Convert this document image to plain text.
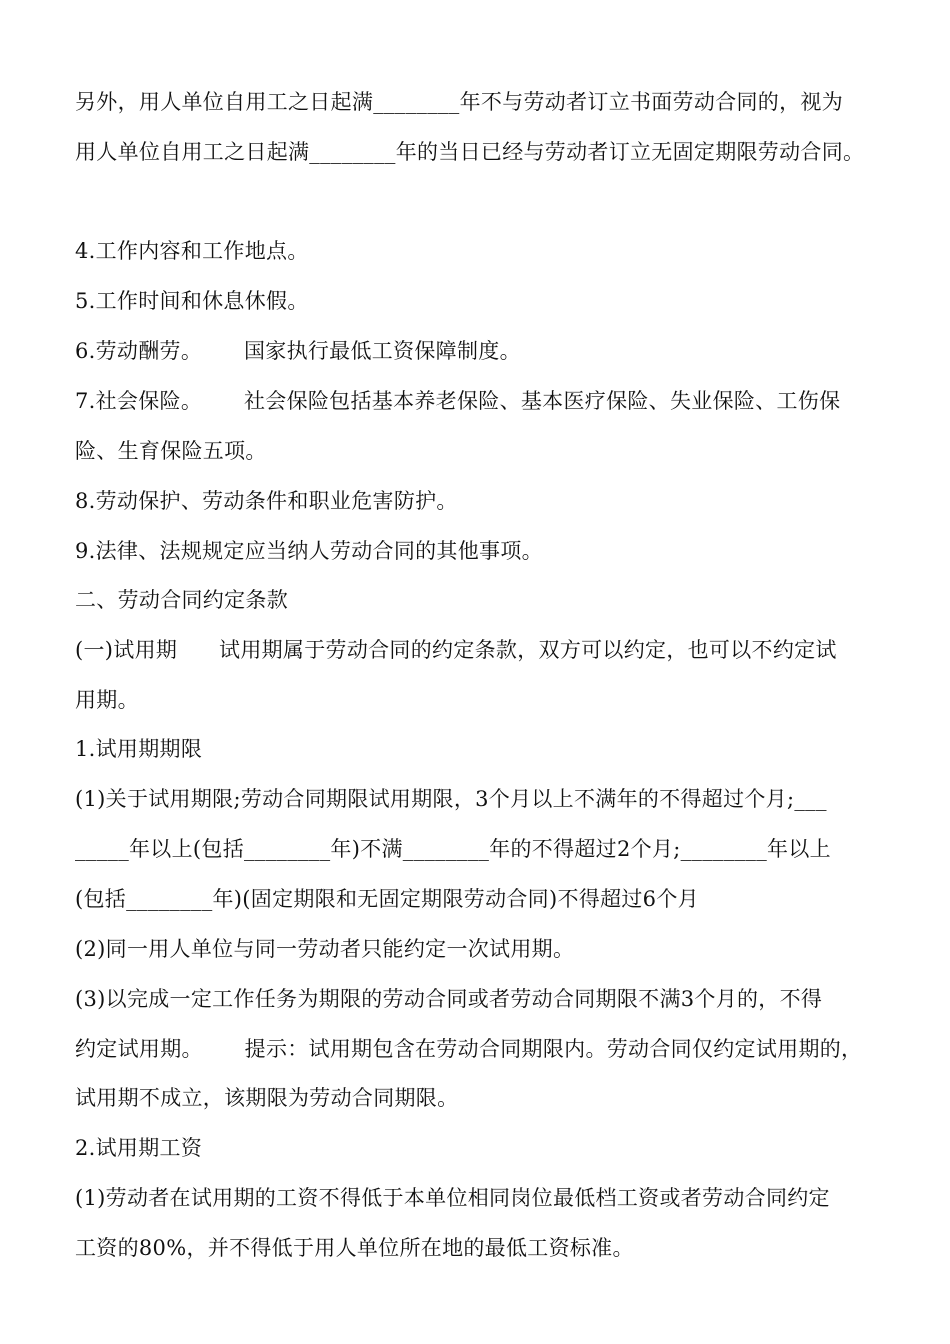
另外，用人单位自用工之日起满________年不与劳动者订立书面劳动合同的，视为
用人单位自用工之日起满________年的当日已经与劳动者订立无固定期限劳动合同。
4.工作内容和工作地点。
5.工作时间和休息休假。
6.劳动酬劳。      国家执行最低工资保障制度。
7.社会保险。      社会保险包括基本养老保险、基本医疗保险、失业保险、工伤保
险、生育保险五项。
8.劳动保护、劳动条件和职业危害防护。
9.法律、法规规定应当纳人劳动合同的其他事项。
二、劳动合同约定条款
(一)试用期      试用期属于劳动合同的约定条款，双方可以约定，也可以不约定试
用期。
1.试用期期限
(1)关于试用期限;劳动合同期限试用期限，3个月以上不满年的不得超过个月;___
_____年以上(包括________年)不满________年的不得超过2个月;________年以上
(包括________年)(固定期限和无固定期限劳动合同)不得超过6个月
(2)同一用人单位与同一劳动者只能约定一次试用期。
(3)以完成一定工作任务为期限的劳动合同或者劳动合同期限不满3个月的，不得
约定试用期。      提示：试用期包含在劳动合同期限内。劳动合同仅约定试用期的，
试用期不成立，该期限为劳动合同期限。
2.试用期工资
(1)劳动者在试用期的工资不得低于本单位相同岗位最低档工资或者劳动合同约定
工资的80%，并不得低于用人单位所在地的最低工资标准。
